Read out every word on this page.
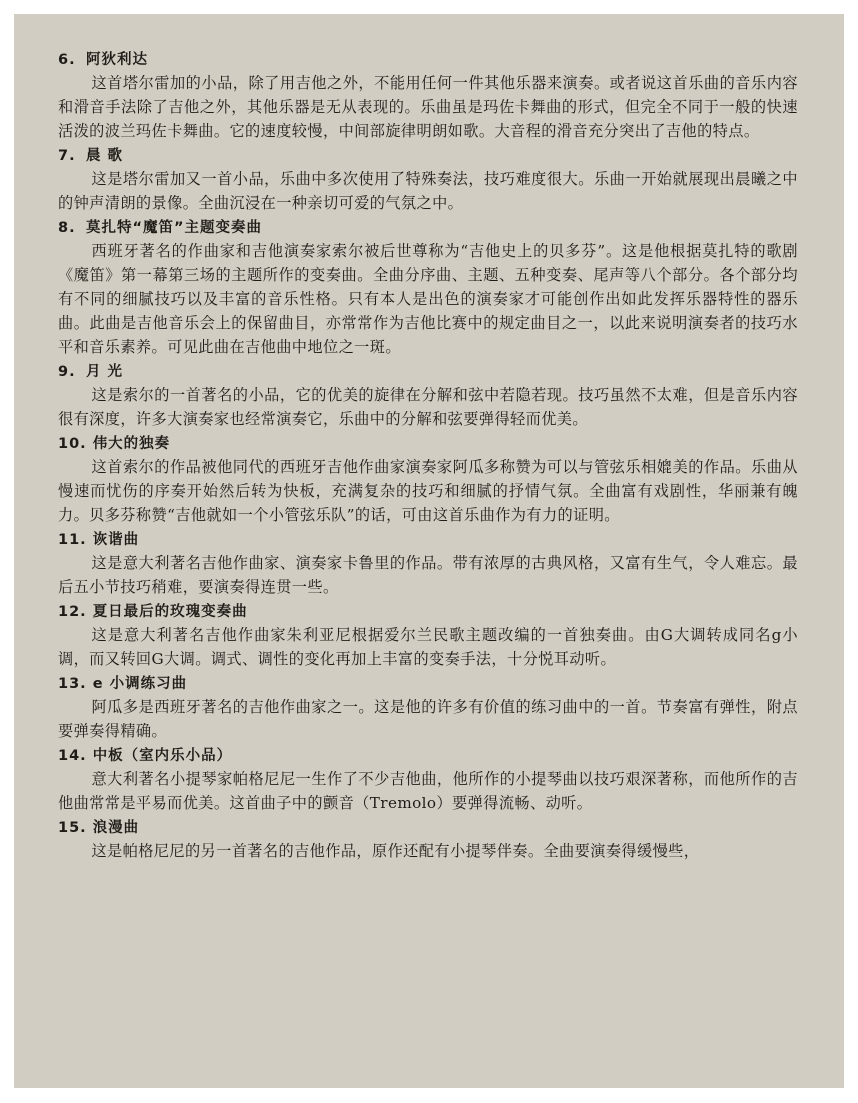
6. 阿狄利达

这首塔尔雷加的小品，除了用吉他之外，不能用任何一件其他乐器来演奏。或者说这首乐曲的音乐内容和滑音手法除了吉他之外，其他乐器是无从表现的。乐曲虽是玛佐卡舞曲的形式，但完全不同于一般的快速活泼的波兰玛佐卡舞曲。它的速度较慢，中间部旋律明朗如歌。大音程的滑音充分突出了吉他的特点。

7. 晨 歌

这是塔尔雷加又一首小品，乐曲中多次使用了特殊奏法，技巧难度很大。乐曲一开始就展现出晨曦之中的钟声清朗的景像。全曲沉浸在一种亲切可爱的气氛之中。

8. 莫扎特“魔笛”主题变奏曲

西班牙著名的作曲家和吉他演奏家索尔被后世尊称为“吉他史上的贝多芬”。这是他根据莫扎特的歌剧《魔笛》第一幕第三场的主题所作的变奏曲。全曲分序曲、主题、五种变奏、尾声等八个部分。各个部分均有不同的细腻技巧以及丰富的音乐性格。只有本人是出色的演奏家才可能创作出如此发挥乐器特性的器乐曲。此曲是吉他音乐会上的保留曲目，亦常常作为吉他比赛中的规定曲目之一，以此来说明演奏者的技巧水平和音乐素养。可见此曲在吉他曲中地位之一斑。

9. 月 光

这是索尔的一首著名的小品，它的优美的旋律在分解和弦中若隐若现。技巧虽然不太难，但是音乐内容很有深度，许多大演奏家也经常演奏它，乐曲中的分解和弦要弹得轻而优美。

10. 伟大的独奏

这首索尔的作品被他同代的西班牙吉他作曲家演奏家阿瓜多称赞为可以与管弦乐相媲美的作品。乐曲从慢速而忧伤的序奏开始然后转为快板，充满复杂的技巧和细腻的抒情气氛。全曲富有戏剧性，华丽兼有魄力。贝多芬称赞“吉他就如一个小管弦乐队”的话，可由这首乐曲作为有力的证明。

11. 诙谐曲

这是意大利著名吉他作曲家、演奏家卡鲁里的作品。带有浓厚的古典风格，又富有生气，令人难忘。最后五小节技巧稍难，要演奏得连贯一些。

12. 夏日最后的玫瑰变奏曲

这是意大利著名吉他作曲家朱利亚尼根据爱尔兰民歌主题改编的一首独奏曲。由G大调转成同名g小调，而又转回G大调。调式、调性的变化再加上丰富的变奏手法，十分悦耳动听。

13. e 小调练习曲

阿瓜多是西班牙著名的吉他作曲家之一。这是他的许多有价值的练习曲中的一首。节奏富有弹性，附点要弹奏得精确。

14. 中板（室内乐小品）

意大利著名小提琴家帕格尼尼一生作了不少吉他曲，他所作的小提琴曲以技巧艰深著称，而他所作的吉他曲常常是平易而优美。这首曲子中的颤音（Tremolo）要弹得流畅、动听。

15. 浪漫曲

这是帕格尼尼的另一首著名的吉他作品，原作还配有小提琴伴奏。全曲要演奏得缓慢些，
